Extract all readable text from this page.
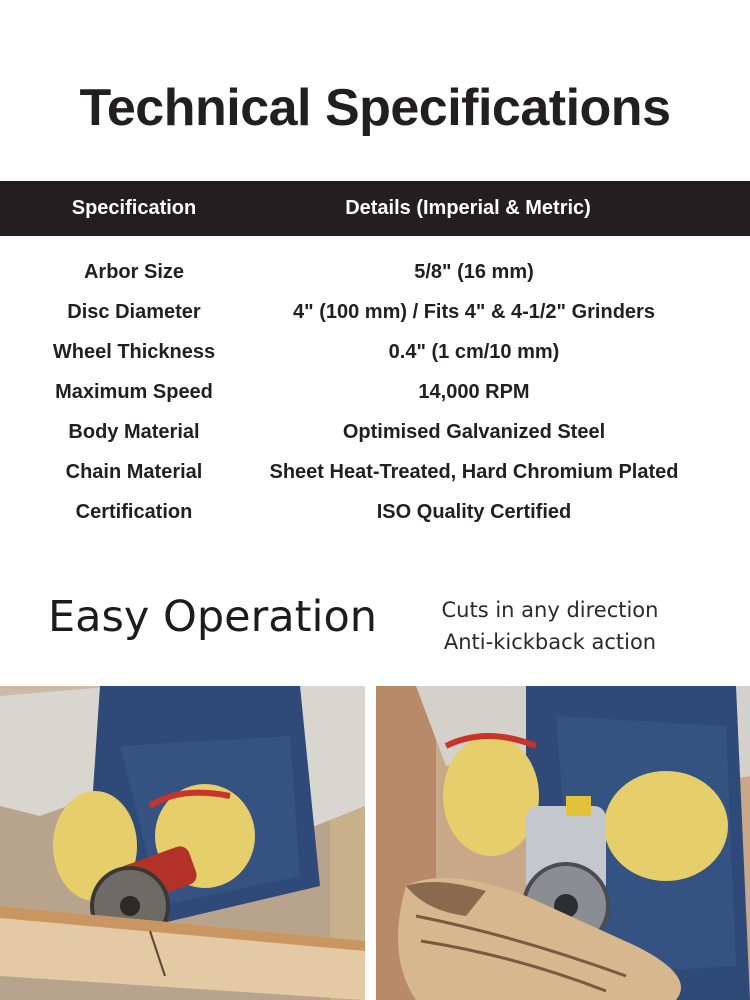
Technical Specifications
Specification	Details (Imperial & Metric)
Arbor Size	5/8" (16 mm)
Disc Diameter	4" (100 mm) / Fits 4" & 4-1/2" Grinders
Wheel Thickness	0.4" (1 cm/10 mm)
Maximum Speed	14,000 RPM
Body Material	Optimised Galvanized Steel
Chain Material	Sheet Heat-Treated, Hard Chromium Plated
Certification	ISO Quality Certified
Easy Operation	Cuts in any direction
Anti-kickback action
